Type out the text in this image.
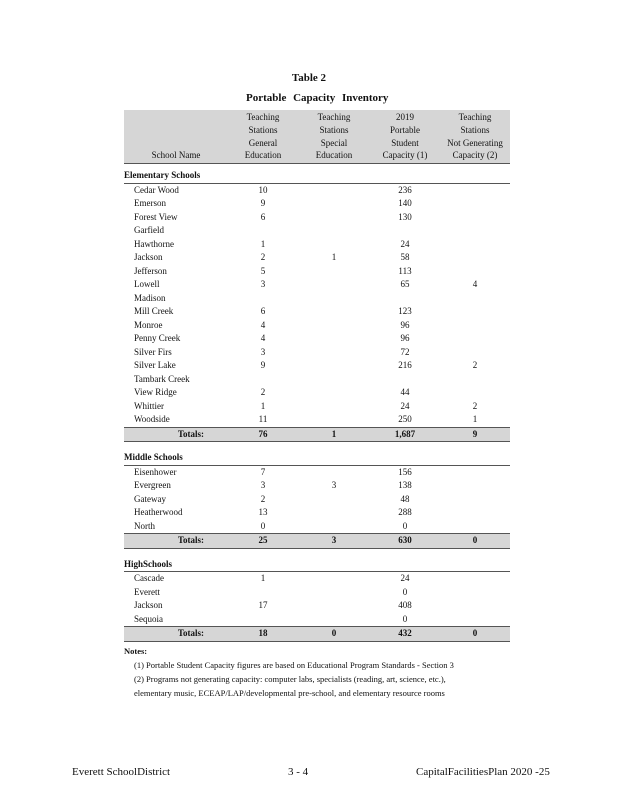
Table 2
Portable Capacity Inventory
School Name	Teaching
Stations
General
Education	Teaching
Stations
Special
Education	2019
Portable
Student
Capacity (1)	Teaching
Stations
Not Generating
Capacity (2)

Elementary Schools				
Cedar Wood	10		236	
Emerson	9		140	
Forest View	6		130	
Garfield				
Hawthorne	1		24	
Jackson	2	1	58	
Jefferson	5		113	
Lowell	3		65	4
Madison				
Mill Creek	6		123	
Monroe	4		96	
Penny Creek	4		96	
Silver Firs	3		72	
Silver Lake	9		216	2
Tambark Creek				
View Ridge	2		44	
Whittier	1		24	2
Woodside	11		250	1
Totals:	76	1	1,687	9

Middle Schools				
Eisenhower	7		156	
Evergreen	3	3	138	
Gateway	2		48	
Heatherwood	13		288	
North	0		0	
Totals:	25	3	630	0

HighSchools				
Cascade	1		24	
Everett			0	
Jackson	17		408	
Sequoia			0	
Totals:	18	0	432	0
Notes:
(1) Portable Student Capacity figures are based on Educational Program Standards - Section 3
(2) Programs not generating capacity: computer labs, specialists (reading, art, science, etc.),
elementary music, ECEAP/LAP/developmental pre-school, and elementary resource rooms
Everett SchoolDistrict	3 - 4	CapitalFacilitiesPlan 2020 -25
